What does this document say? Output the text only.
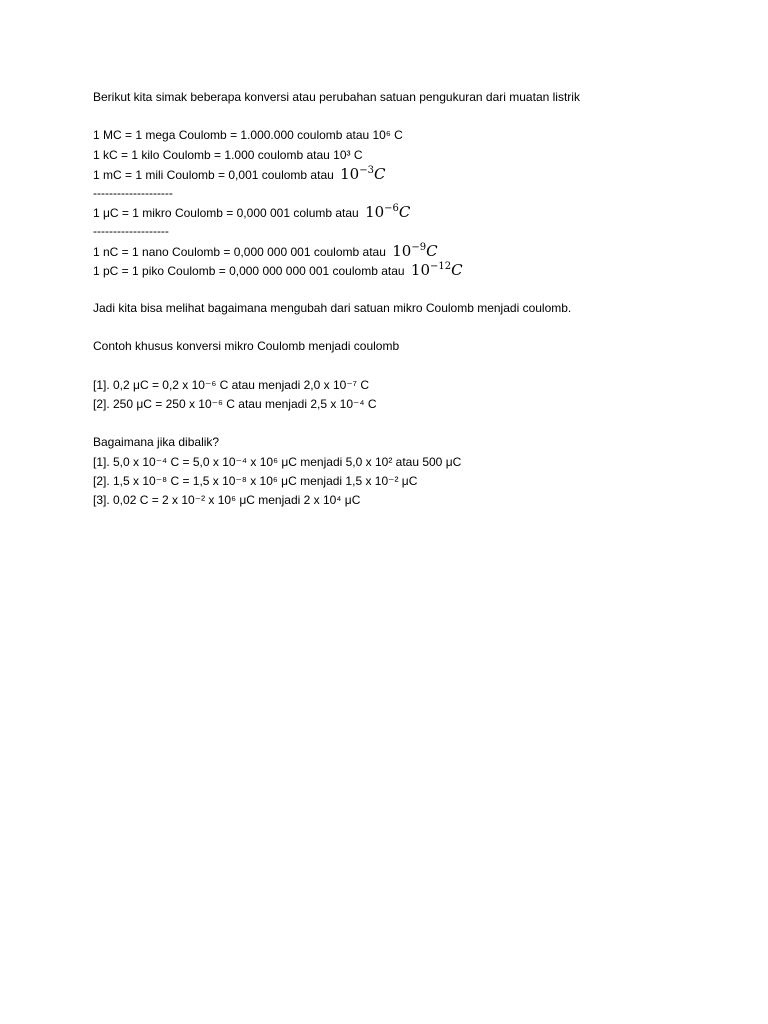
Berikut kita simak beberapa konversi atau perubahan satuan pengukuran dari muatan listrik
1 MC = 1 mega Coulomb = 1.000.000 coulomb atau 10⁶ C
1 kC = 1 kilo Coulomb = 1.000 coulomb atau 10³ C
1 mC = 1 mili Coulomb = 0,001 coulomb atau $10^{-3}C$
--------------------
1 μC = 1 mikro Coulomb = 0,000 001 columb atau $10^{-6}C$
-------------------
1 nC = 1 nano Coulomb = 0,000 000 001 coulomb atau $10^{-9}C$
1 pC = 1 piko Coulomb = 0,000 000 000 001 coulomb atau $10^{-12}C$
Jadi kita bisa melihat bagaimana mengubah dari satuan mikro Coulomb menjadi coulomb.
Contoh khusus konversi mikro Coulomb menjadi coulomb
[1]. 0,2 μC = 0,2 x 10⁻⁶ C atau menjadi 2,0 x 10⁻⁷ C
[2]. 250 μC = 250 x 10⁻⁶ C atau menjadi 2,5 x 10⁻⁴ C
Bagaimana jika dibalik?
[1]. 5,0 x 10⁻⁴ C = 5,0 x 10⁻⁴ x 10⁶ μC menjadi 5,0 x 10² atau 500 μC
[2]. 1,5 x 10⁻⁸ C = 1,5 x 10⁻⁸ x 10⁶ μC menjadi 1,5 x 10⁻² μC
[3]. 0,02 C = 2 x 10⁻² x 10⁶ μC menjadi 2 x 10⁴ μC
